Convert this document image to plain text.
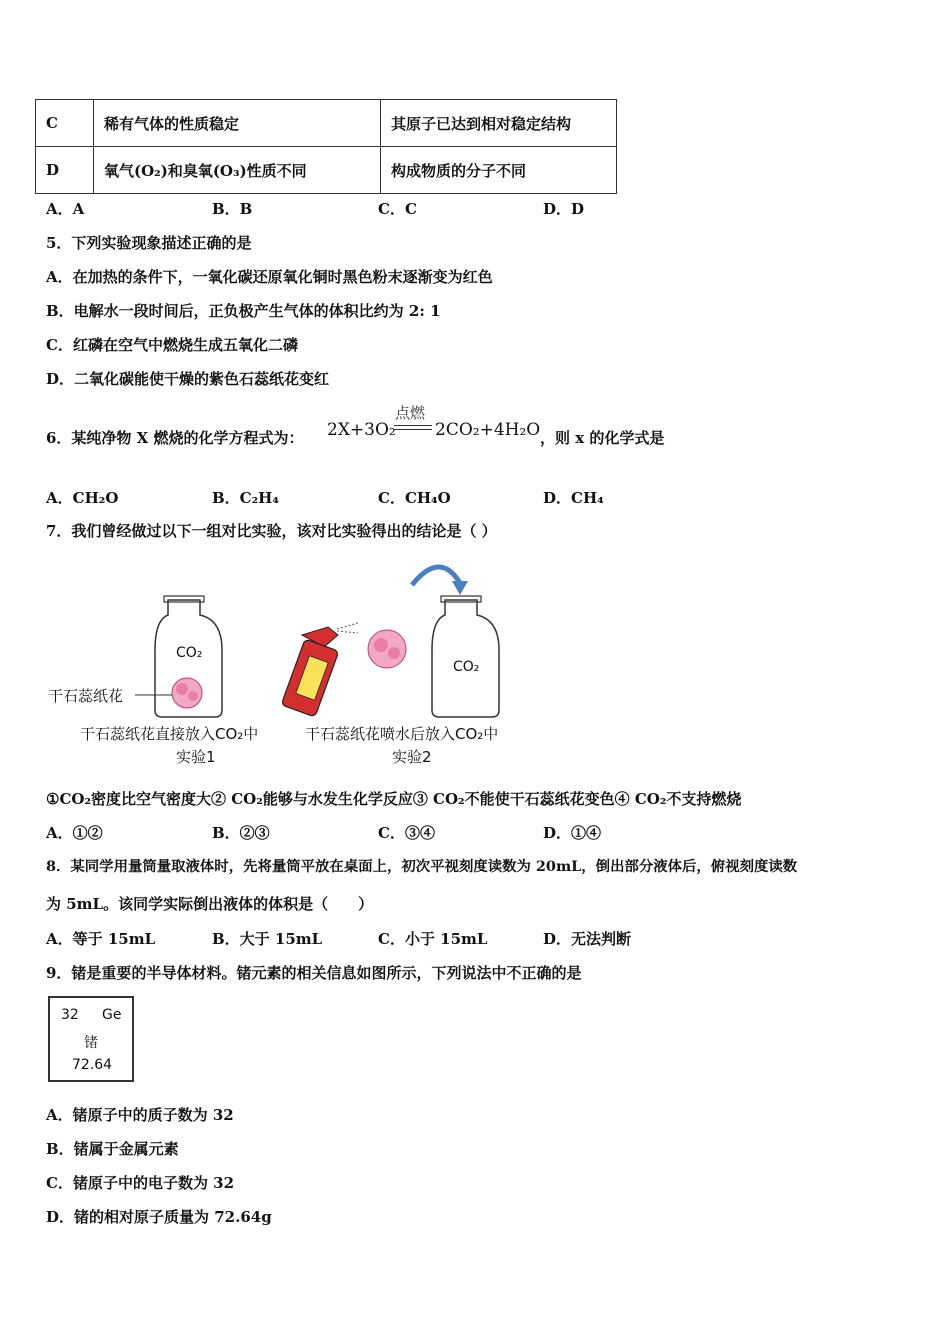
C	稀有气体的性质稳定	其原子已达到相对稳定结构
D	氧气(O₂)和臭氧(O₃)性质不同	构成物质的分子不同
A．A	B．B	C．C	D．D
5．下列实验现象描述正确的是
A．在加热的条件下，一氧化碳还原氧化铜时黑色粉末逐渐变为红色
B．电解水一段时间后，正负极产生气体的体积比约为 2: 1
C．红磷在空气中燃烧生成五氧化二磷
D．二氧化碳能使干燥的紫色石蕊纸花变红
6．某纯净物 X 燃烧的化学方程式为： 2X+3O₂
点燃
2CO₂+4H₂O ，则 x 的化学式是
A．CH₂O	B．C₂H₄	C．CH₄O	D．CH₄
7．我们曾经做过以下一组对比实验，该对比实验得出的结论是（ ）
CO₂
CO₂
干石蕊纸花
干石蕊纸花直接放入CO₂中
实验1
干石蕊纸花喷水后放入CO₂中
实验2
①CO₂密度比空气密度大② CO₂能够与水发生化学反应③ CO₂不能使干石蕊纸花变色④ CO₂不支持燃烧
A．①②	B．②③	C．③④	D．①④
8．某同学用量筒量取液体时，先将量筒平放在桌面上，初次平视刻度读数为 20mL，倒出部分液体后，俯视刻度读数
为 5mL。该同学实际倒出液体的体积是（　　）
A．等于 15mL	B．大于 15mL	C．小于 15mL	D．无法判断
9．锗是重要的半导体材料。锗元素的相关信息如图所示，下列说法中不正确的是
32 Ge
锗
72.64
A．锗原子中的质子数为 32
B．锗属于金属元素
C．锗原子中的电子数为 32
D．锗的相对原子质量为 72.64g
